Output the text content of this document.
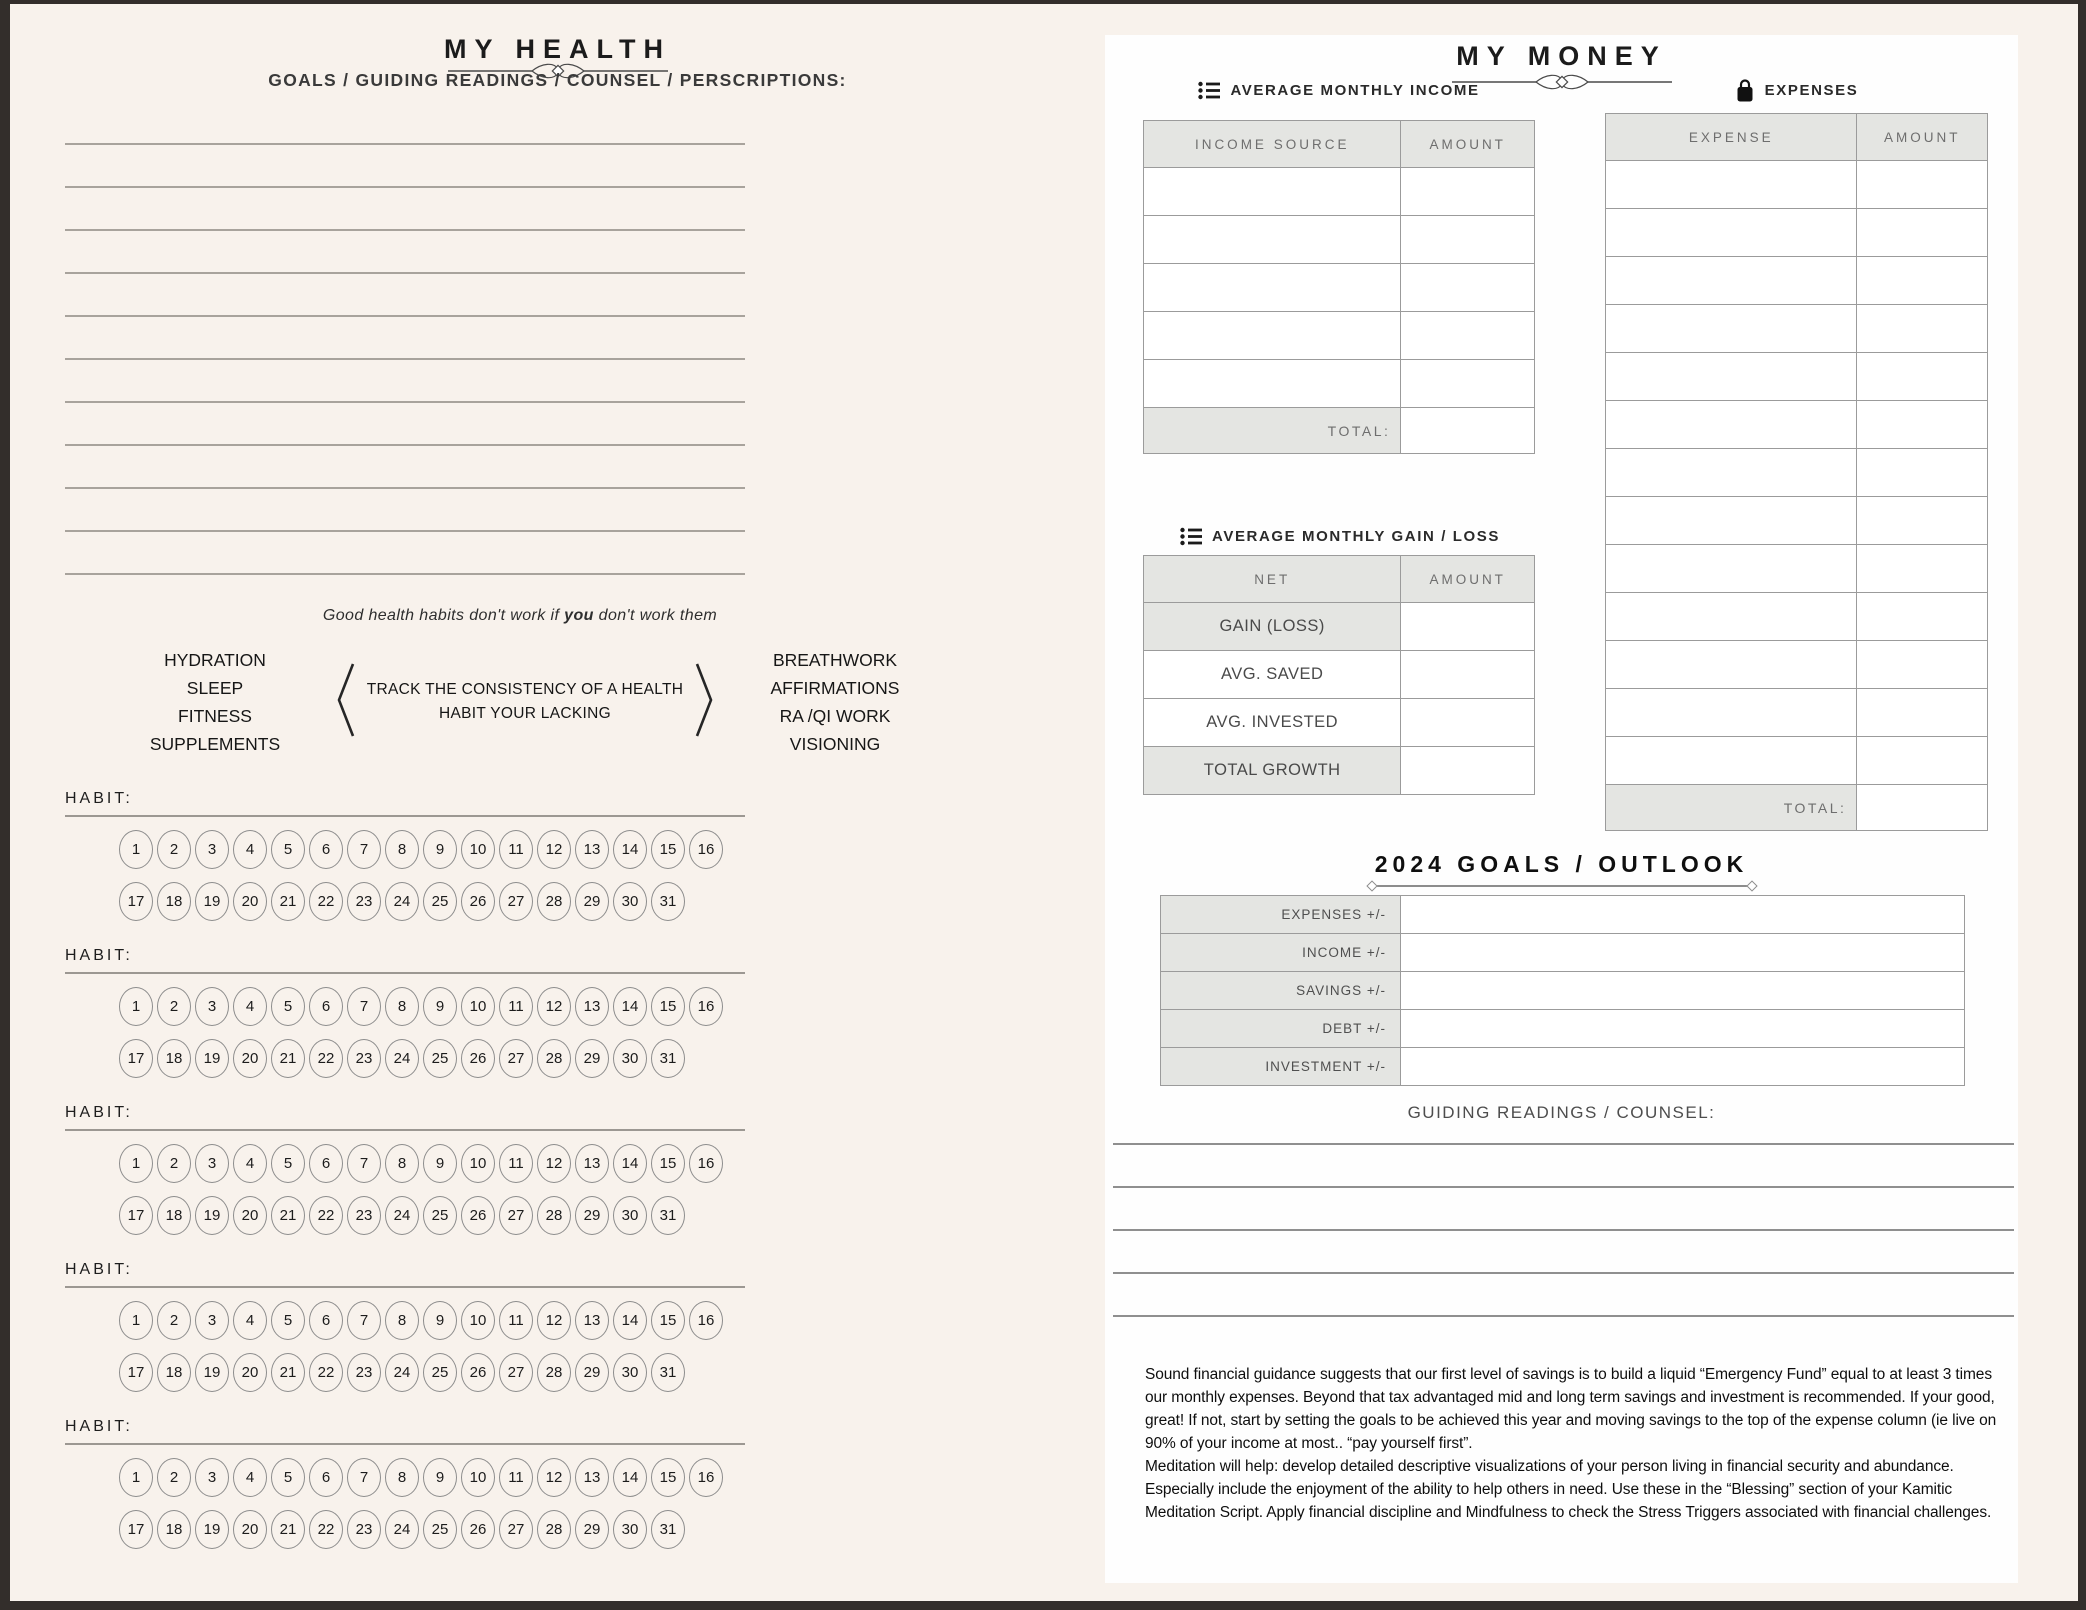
MY HEALTH
GOALS / GUIDING READINGS / COUNSEL / PERSCRIPTIONS:
Good health habits don't work if you don't work them
HYDRATION
SLEEP
FITNESS
SUPPLEMENTS
TRACK THE CONSISTENCY OF A HEALTH
HABIT YOUR LACKING
BREATHWORK
AFFIRMATIONS
RA /QI WORK
VISIONING
HABIT:
1	2	3	4	5	6	7	8	9	10	11	12	13	14	15	16
17	18	19	20	21	22	23	24	25	26	27	28	29	30	31
HABIT:
1	2	3	4	5	6	7	8	9	10	11	12	13	14	15	16
17	18	19	20	21	22	23	24	25	26	27	28	29	30	31
HABIT:
1	2	3	4	5	6	7	8	9	10	11	12	13	14	15	16
17	18	19	20	21	22	23	24	25	26	27	28	29	30	31
HABIT:
1	2	3	4	5	6	7	8	9	10	11	12	13	14	15	16
17	18	19	20	21	22	23	24	25	26	27	28	29	30	31
HABIT:
1	2	3	4	5	6	7	8	9	10	11	12	13	14	15	16
17	18	19	20	21	22	23	24	25	26	27	28	29	30	31
MY MONEY
AVERAGE MONTHLY INCOME
INCOME SOURCE	AMOUNT
TOTAL:
AVERAGE MONTHLY GAIN / LOSS
NET	AMOUNT
GAIN (LOSS)
AVG. SAVED
AVG. INVESTED
TOTAL GROWTH
EXPENSES
EXPENSE	AMOUNT
TOTAL:
2024 GOALS / OUTLOOK
EXPENSES +/-
INCOME +/-
SAVINGS +/-
DEBT +/-
INVESTMENT +/-
GUIDING READINGS / COUNSEL:

Sound financial guidance suggests that our first level of savings is to build a liquid “Emergency Fund” equal to at least 3 times our monthly expenses. Beyond that tax advantaged mid and long term savings and investment is recommended. If your good, great! If not, start by setting the goals to be achieved this year and moving savings to the top of the expense column (ie live on 90% of your income at most.. “pay yourself first”.

Meditation will help: develop detailed descriptive visualizations of your person living in financial security and abundance. Especially include the enjoyment of the ability to help others in need. Use these in the “Blessing” section of your Kamitic Meditation Script. Apply financial discipline and Mindfulness to check the Stress Triggers associated with financial challenges.
